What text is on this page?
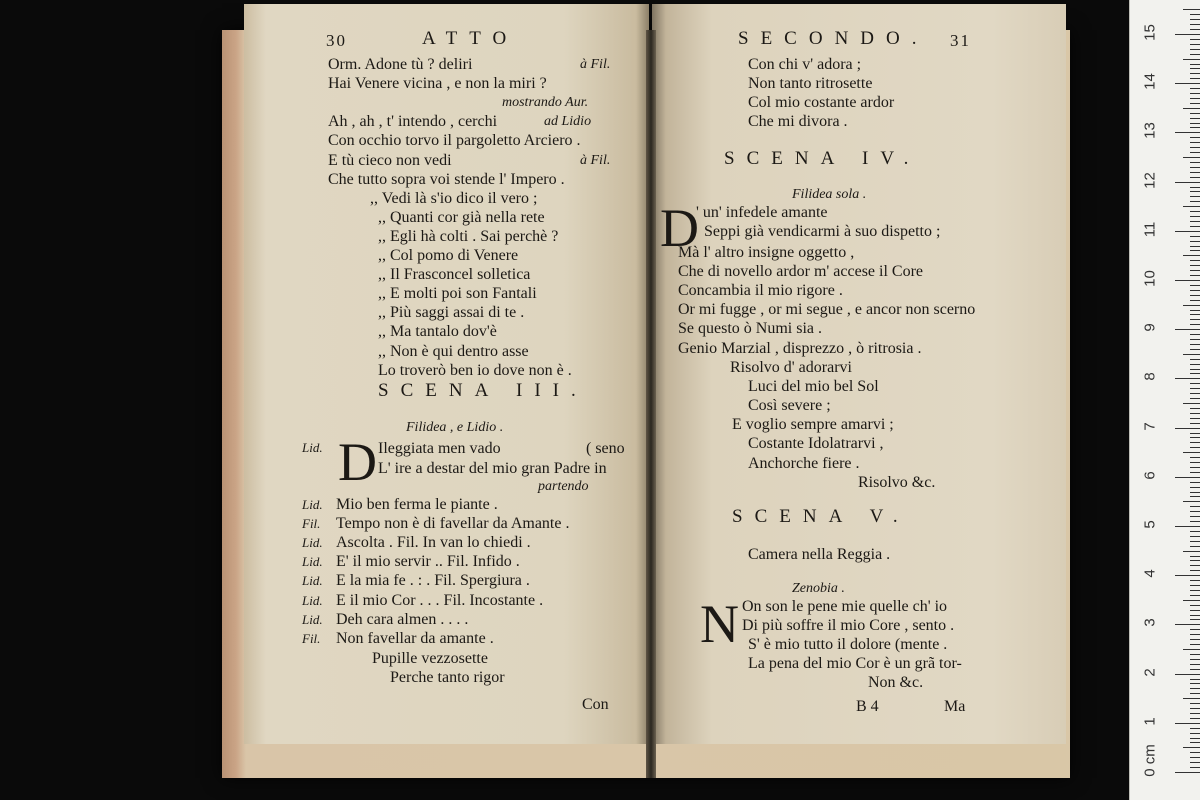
30	ATTO
Orm. Adone tù ? deliri	à Fil.
Hai Venere vicina , e non la miri ?
mostrando Aur.
Ah , ah , t' intendo , cerchi	ad Lidio
Con occhio torvo il pargoletto Arciero .
E tù cieco non vedi	à Fil.
Che tutto sopra voi stende l' Impero .
,, Vedi là s'io dico il vero ;
,, Quanti cor già nella rete
,, Egli hà colti . Sai perchè ?
,, Col pomo di Venere
,, Il Frasconcel solletica
,, E molti poi son Fantali
,, Più saggi assai di te .
,, Ma tantalo dov'è
,, Non è qui dentro asse
Lo troverò ben io dove non è .
SCENA III.
Filidea , e Lidio .
Lid. D Ileggiata men vado	( seno
L' ire a destar del mio gran Padre in
partendo
Lid. Mio ben ferma le piante .
Fil. Tempo non è di favellar da Amante .
Lid. Ascolta . Fil. In van lo chiedi .
Lid. E' il mio servir .. Fil. Infido .
Lid. E la mia fe . : . Fil. Spergiura .
Lid. E il mio Cor . . . Fil. Incostante .
Lid. Deh cara almen . . . .
Fil. Non favellar da amante .
Pupille vezzosette
Perche tanto rigor
Con
SECONDO. 31
Con chi v' adora ;
Non tanto ritrosette
Col mio costante ardor
Che mi divora .
SCENA IV.
Filidea sola .
D
' un' infedele amante
Seppi già vendicarmi à suo dispetto ;
Mà l' altro insigne oggetto ,
Che di novello ardor m' accese il Core
Concambia il mio rigore .
Or mi fugge , or mi segue , e ancor non scerno
Se questo ò Numi sia .
Genio Marzial , disprezzo , ò ritrosia .
Risolvo d' adorarvi
Luci del mio bel Sol
Così severe ;
E voglio sempre amarvi ;
Costante Idolatrarvi ,
Anchorche fiere .
Risolvo &c.
SCENA V.
Camera nella Reggia .
Zenobia .
N On son le pene mie quelle ch' io
Di più soffre il mio Core , sento .
S' è mio tutto il dolore (mente .
La pena del mio Cor è un grã tor-
Non &c.
B 4	Ma
15
14
13
12
11
10
9
8
7
6
5
4
3
2
1
0 cm
